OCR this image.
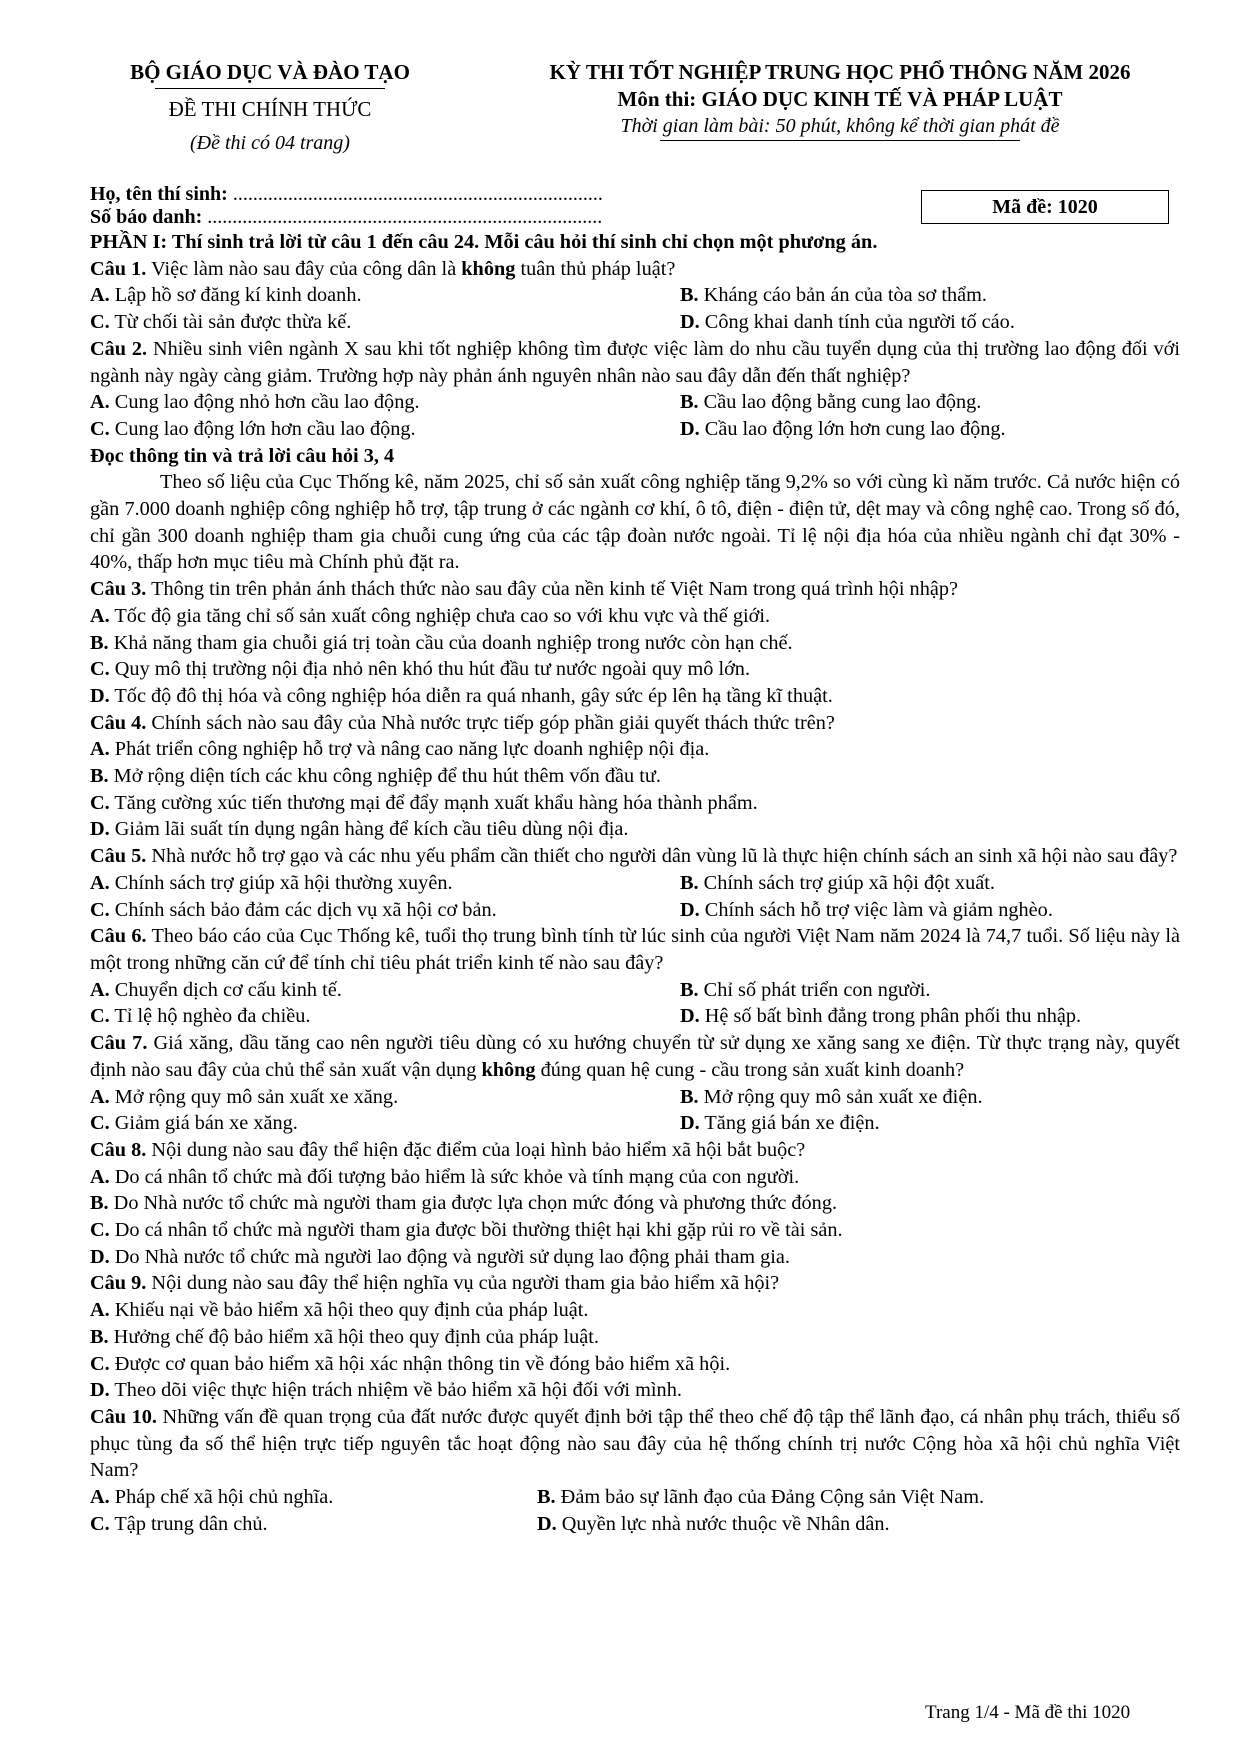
BỘ GIÁO DỤC VÀ ĐÀO TẠO
ĐỀ THI CHÍNH THỨC
(Đề thi có 04 trang)
KỲ THI TỐT NGHIỆP TRUNG HỌC PHỔ THÔNG NĂM 2026
Môn thi: GIÁO DỤC KINH TẾ VÀ PHÁP LUẬT
Thời gian làm bài: 50 phút, không kể thời gian phát đề
Họ, tên thí sinh: ..........................................................................
Số báo danh: ...............................................................................	Mã đề: 1020

PHẦN I: Thí sinh trả lời từ câu 1 đến câu 24. Mỗi câu hỏi thí sinh chỉ chọn một phương án.

Câu 1. Việc làm nào sau đây của công dân là không tuân thủ pháp luật?

A. Lập hồ sơ đăng kí kinh doanh.	B. Kháng cáo bản án của tòa sơ thẩm.
C. Từ chối tài sản được thừa kế.	D. Công khai danh tính của người tố cáo.

Câu 2. Nhiều sinh viên ngành X sau khi tốt nghiệp không tìm được việc làm do nhu cầu tuyển dụng của thị trường lao động đối với ngành này ngày càng giảm. Trường hợp này phản ánh nguyên nhân nào sau đây dẫn đến thất nghiệp?

A. Cung lao động nhỏ hơn cầu lao động.	B. Cầu lao động bằng cung lao động.
C. Cung lao động lớn hơn cầu lao động.	D. Cầu lao động lớn hơn cung lao động.

Đọc thông tin và trả lời câu hỏi 3, 4

Theo số liệu của Cục Thống kê, năm 2025, chỉ số sản xuất công nghiệp tăng 9,2% so với cùng kì năm trước. Cả nước hiện có gần 7.000 doanh nghiệp công nghiệp hỗ trợ, tập trung ở các ngành cơ khí, ô tô, điện - điện tử, dệt may và công nghệ cao. Trong số đó, chỉ gần 300 doanh nghiệp tham gia chuỗi cung ứng của các tập đoàn nước ngoài. Tỉ lệ nội địa hóa của nhiều ngành chỉ đạt 30% - 40%, thấp hơn mục tiêu mà Chính phủ đặt ra.

Câu 3. Thông tin trên phản ánh thách thức nào sau đây của nền kinh tế Việt Nam trong quá trình hội nhập?

A. Tốc độ gia tăng chỉ số sản xuất công nghiệp chưa cao so với khu vực và thế giới.

B. Khả năng tham gia chuỗi giá trị toàn cầu của doanh nghiệp trong nước còn hạn chế.

C. Quy mô thị trường nội địa nhỏ nên khó thu hút đầu tư nước ngoài quy mô lớn.

D. Tốc độ đô thị hóa và công nghiệp hóa diễn ra quá nhanh, gây sức ép lên hạ tầng kĩ thuật.

Câu 4. Chính sách nào sau đây của Nhà nước trực tiếp góp phần giải quyết thách thức trên?

A. Phát triển công nghiệp hỗ trợ và nâng cao năng lực doanh nghiệp nội địa.

B. Mở rộng diện tích các khu công nghiệp để thu hút thêm vốn đầu tư.

C. Tăng cường xúc tiến thương mại để đẩy mạnh xuất khẩu hàng hóa thành phẩm.

D. Giảm lãi suất tín dụng ngân hàng để kích cầu tiêu dùng nội địa.

Câu 5. Nhà nước hỗ trợ gạo và các nhu yếu phẩm cần thiết cho người dân vùng lũ là thực hiện chính sách an sinh xã hội nào sau đây?

A. Chính sách trợ giúp xã hội thường xuyên.	B. Chính sách trợ giúp xã hội đột xuất.
C. Chính sách bảo đảm các dịch vụ xã hội cơ bản.	D. Chính sách hỗ trợ việc làm và giảm nghèo.

Câu 6. Theo báo cáo của Cục Thống kê, tuổi thọ trung bình tính từ lúc sinh của người Việt Nam năm 2024 là 74,7 tuổi. Số liệu này là một trong những căn cứ để tính chỉ tiêu phát triển kinh tế nào sau đây?

A. Chuyển dịch cơ cấu kinh tế.	B. Chỉ số phát triển con người.
C. Tỉ lệ hộ nghèo đa chiều.	D. Hệ số bất bình đẳng trong phân phối thu nhập.

Câu 7. Giá xăng, dầu tăng cao nên người tiêu dùng có xu hướng chuyển từ sử dụng xe xăng sang xe điện. Từ thực trạng này, quyết định nào sau đây của chủ thể sản xuất vận dụng không đúng quan hệ cung - cầu trong sản xuất kinh doanh?

A. Mở rộng quy mô sản xuất xe xăng.	B. Mở rộng quy mô sản xuất xe điện.
C. Giảm giá bán xe xăng.	D. Tăng giá bán xe điện.

Câu 8. Nội dung nào sau đây thể hiện đặc điểm của loại hình bảo hiểm xã hội bắt buộc?

A. Do cá nhân tổ chức mà đối tượng bảo hiểm là sức khỏe và tính mạng của con người.

B. Do Nhà nước tổ chức mà người tham gia được lựa chọn mức đóng và phương thức đóng.

C. Do cá nhân tổ chức mà người tham gia được bồi thường thiệt hại khi gặp rủi ro về tài sản.

D. Do Nhà nước tổ chức mà người lao động và người sử dụng lao động phải tham gia.

Câu 9. Nội dung nào sau đây thể hiện nghĩa vụ của người tham gia bảo hiểm xã hội?

A. Khiếu nại về bảo hiểm xã hội theo quy định của pháp luật.

B. Hưởng chế độ bảo hiểm xã hội theo quy định của pháp luật.

C. Được cơ quan bảo hiểm xã hội xác nhận thông tin về đóng bảo hiểm xã hội.

D. Theo dõi việc thực hiện trách nhiệm về bảo hiểm xã hội đối với mình.

Câu 10. Những vấn đề quan trọng của đất nước được quyết định bởi tập thể theo chế độ tập thể lãnh đạo, cá nhân phụ trách, thiểu số phục tùng đa số thể hiện trực tiếp nguyên tắc hoạt động nào sau đây của hệ thống chính trị nước Cộng hòa xã hội chủ nghĩa Việt Nam?

A. Pháp chế xã hội chủ nghĩa.	B. Đảm bảo sự lãnh đạo của Đảng Cộng sản Việt Nam.
C. Tập trung dân chủ.	D. Quyền lực nhà nước thuộc về Nhân dân.
Trang 1/4 - Mã đề thi 1020
